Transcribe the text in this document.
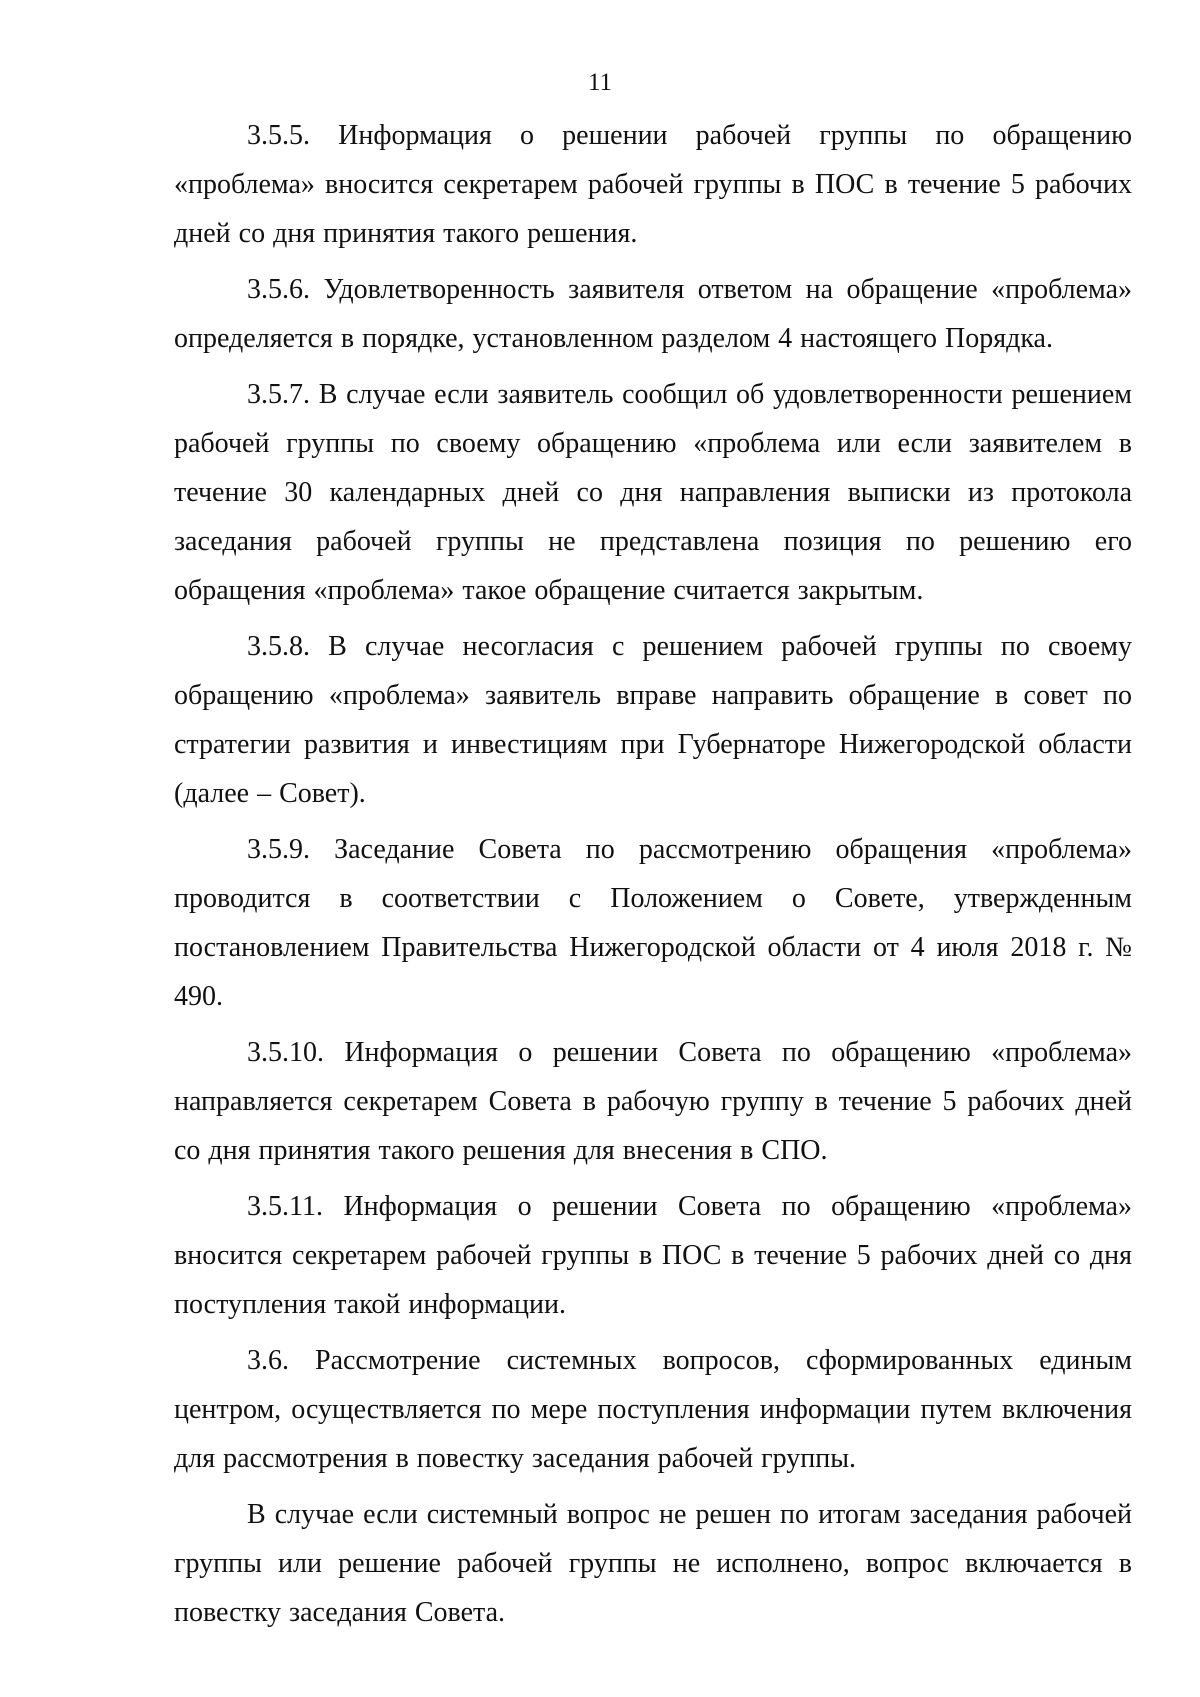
11

3.5.5. Информация о решении рабочей группы по обращению «проблема» вносится секретарем рабочей группы в ПОС в течение 5 рабочих дней со дня принятия такого решения.

3.5.6. Удовлетворенность заявителя ответом на обращение «проблема» определяется в порядке, установленном разделом 4 настоящего Порядка.

3.5.7. В случае если заявитель сообщил об удовлетворенности решением рабочей группы по своему обращению «проблема или если заявителем в течение 30 календарных дней со дня направления выписки из протокола заседания рабочей группы не представлена позиция по решению его обращения «проблема» такое обращение считается закрытым.

3.5.8. В случае несогласия с решением рабочей группы по своему обращению «проблема» заявитель вправе направить обращение в совет по стратегии развития и инвестициям при Губернаторе Нижегородской области (далее – Совет).

3.5.9. Заседание Совета по рассмотрению обращения «проблема» проводится в соответствии с Положением о Совете, утвержденным постановлением Правительства Нижегородской области от 4 июля 2018 г. № 490.

3.5.10. Информация о решении Совета по обращению «проблема» направляется секретарем Совета в рабочую группу в течение 5 рабочих дней со дня принятия такого решения для внесения в СПО.

3.5.11. Информация о решении Совета по обращению «проблема» вносится секретарем рабочей группы в ПОС в течение 5 рабочих дней со дня поступления такой информации.

3.6. Рассмотрение системных вопросов, сформированных единым центром, осуществляется по мере поступления информации путем включения для рассмотрения в повестку заседания рабочей группы.

В случае если системный вопрос не решен по итогам заседания рабочей группы или решение рабочей группы не исполнено, вопрос включается в повестку заседания Совета.
